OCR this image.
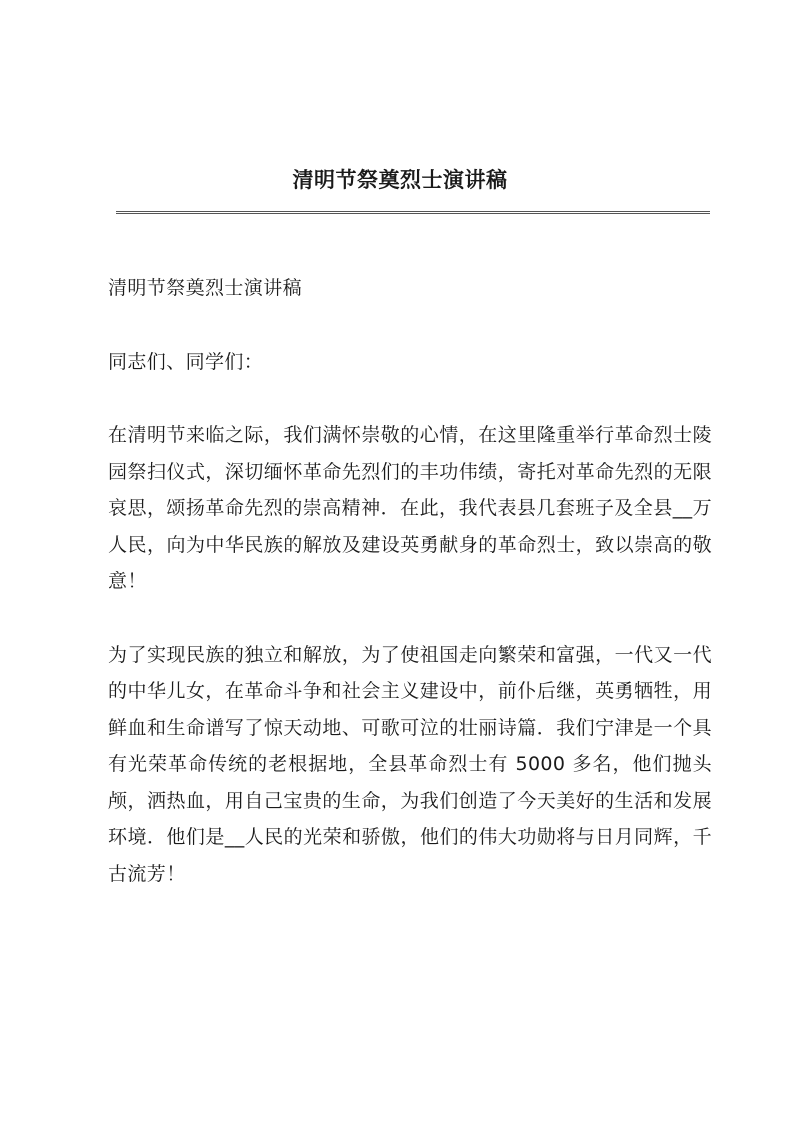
清明节祭奠烈士演讲稿

清明节祭奠烈士演讲稿

同志们、同学们：

在清明节来临之际，我们满怀崇敬的心情，在这里隆重举行革命烈士陵园祭扫仪式，深切缅怀革命先烈们的丰功伟绩，寄托对革命先烈的无限哀思，颂扬革命先烈的崇高精神．在此，我代表县几套班子及全县__万人民，向为中华民族的解放及建设英勇献身的革命烈士，致以崇高的敬意！

为了实现民族的独立和解放，为了使祖国走向繁荣和富强，一代又一代的中华儿女，在革命斗争和社会主义建设中，前仆后继，英勇牺牲，用鲜血和生命谱写了惊天动地、可歌可泣的壮丽诗篇．我们宁津是一个具有光荣革命传统的老根据地，全县革命烈士有 5000 多名，他们抛头颅，洒热血，用自己宝贵的生命，为我们创造了今天美好的生活和发展环境．他们是__人民的光荣和骄傲，他们的伟大功勋将与日月同辉，千古流芳！
